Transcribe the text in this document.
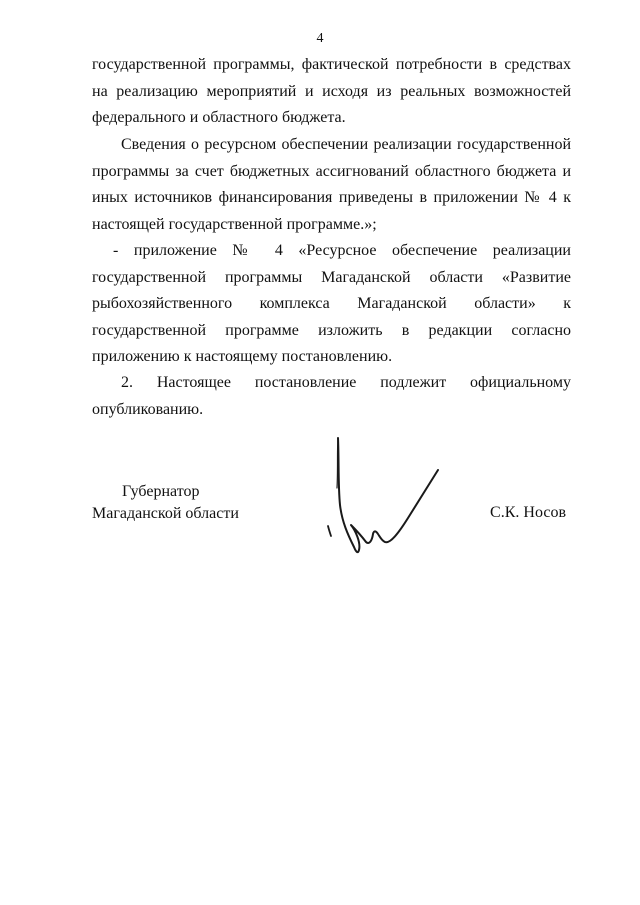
4

государственной программы, фактической потребности в средствах на реализацию мероприятий и исходя из реальных возможностей федерального и областного бюджета.

Сведения о ресурсном обеспечении реализации государственной программы за счет бюджетных ассигнований областного бюджета и иных источников финансирования приведены в приложении № 4 к настоящей государственной программе.»;

- приложение № 4 «Ресурсное обеспечение реализации государственной программы Магаданской области «Развитие рыбохозяйственного комплекса Магаданской области» к государственной программе изложить в редакции согласно приложению к настоящему постановлению.

2. Настоящее постановление подлежит официальному опубликованию.

Губернатор
Магаданской области	С.К. Носов
